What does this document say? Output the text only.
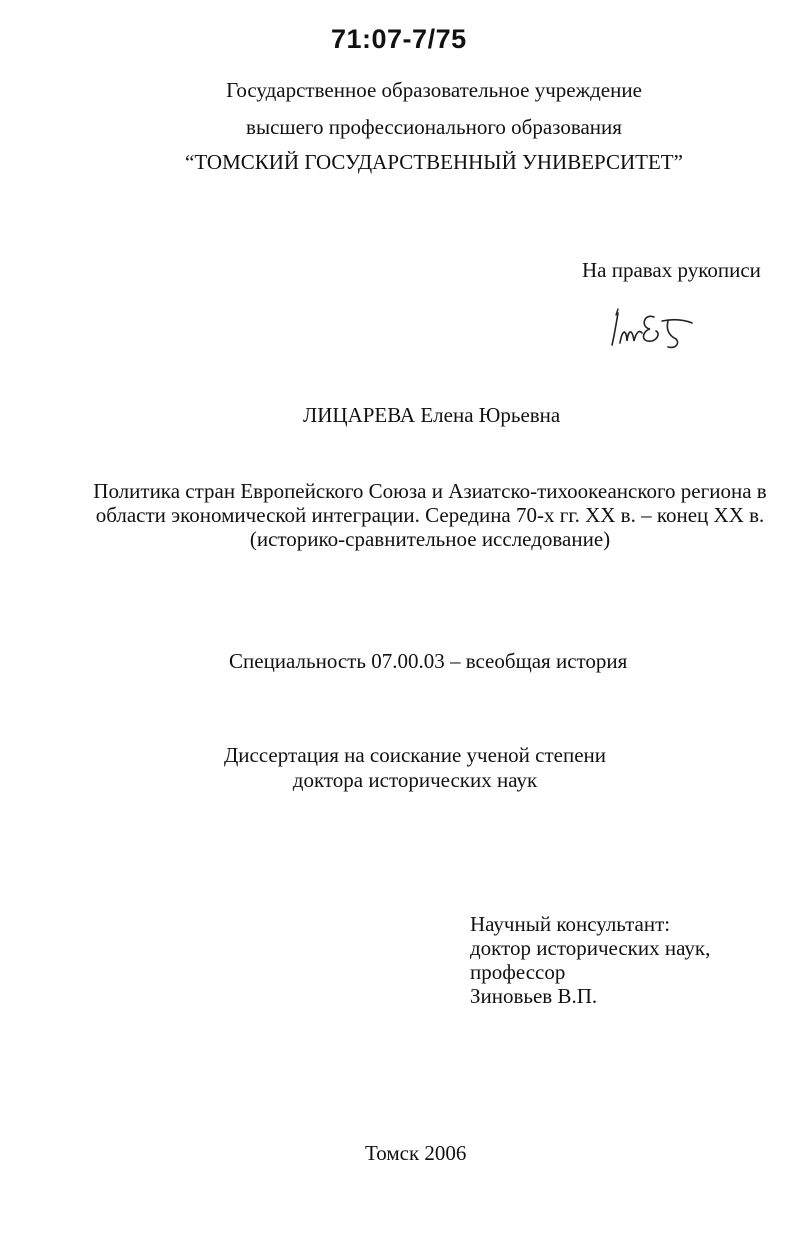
71:07-7/75
Государственное образовательное учреждение
высшего профессионального образования
“ТОМСКИЙ ГОСУДАРСТВЕННЫЙ УНИВЕРСИТЕТ”
На правах рукописи
ЛИЦАРЕВА Елена Юрьевна
Политика стран Европейского Союза и Азиатско-тихоокеанского региона в
области экономической интеграции. Середина 70-х гг. XX в. – конец XX в.
(историко-сравнительное исследование)
Специальность 07.00.03 – всеобщая история
Диссертация на соискание ученой степени
доктора исторических наук
Научный консультант:
доктор исторических наук,
профессор
Зиновьев В.П.
Томск 2006
